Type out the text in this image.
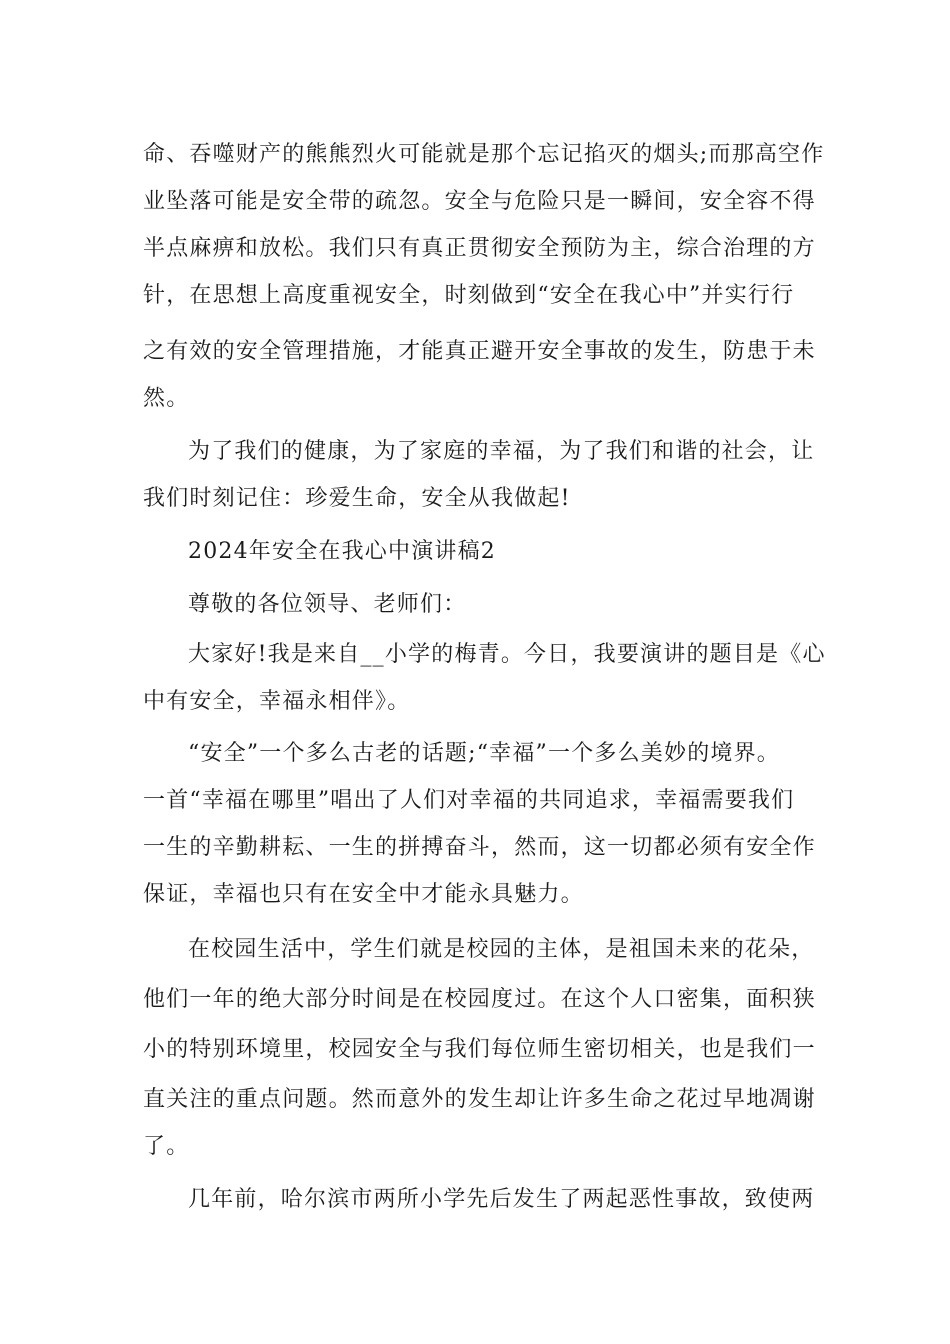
命、吞噬财产的熊熊烈火可能就是那个忘记掐灭的烟头;而那高空作
业坠落可能是安全带的疏忽。安全与危险只是一瞬间，安全容不得
半点麻痹和放松。我们只有真正贯彻安全预防为主，综合治理的方
针，在思想上高度重视安全，时刻做到“安全在我心中”并实行行
之有效的安全管理措施，才能真正避开安全事故的发生，防患于未
然。
为了我们的健康，为了家庭的幸福，为了我们和谐的社会，让
我们时刻记住：珍爱生命，安全从我做起!
2024年安全在我心中演讲稿2
尊敬的各位领导、老师们：
大家好!我是来自__小学的梅青。今日，我要演讲的题目是《心
中有安全，幸福永相伴》。
“安全”一个多么古老的话题;“幸福”一个多么美妙的境界。
一首“幸福在哪里”唱出了人们对幸福的共同追求，幸福需要我们
一生的辛勤耕耘、一生的拼搏奋斗，然而，这一切都必须有安全作
保证，幸福也只有在安全中才能永具魅力。
在校园生活中，学生们就是校园的主体，是祖国未来的花朵，
他们一年的绝大部分时间是在校园度过。在这个人口密集，面积狭
小的特别环境里，校园安全与我们每位师生密切相关，也是我们一
直关注的重点问题。然而意外的发生却让许多生命之花过早地凋谢
了。
几年前，哈尔滨市两所小学先后发生了两起恶性事故，致使两
